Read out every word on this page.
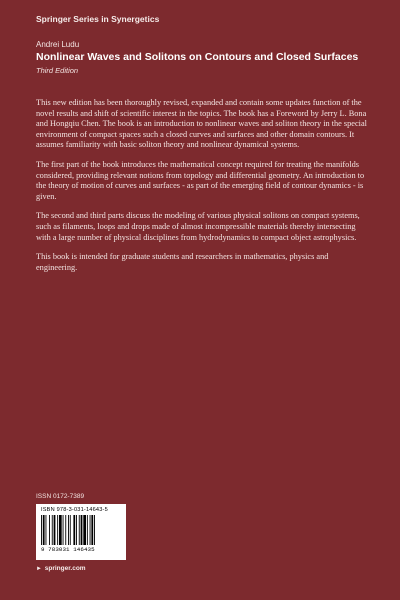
Springer Series in Synergetics
Andrei Ludu
Nonlinear Waves and Solitons on Contours and Closed Surfaces
Third Edition

This new edition has been thoroughly revised, expanded and contain some updates function of the novel results and shift of scientific interest in the topics. The book has a Foreword by Jerry L. Bona and Hongqiu Chen. The book is an introduction to nonlinear waves and soliton theory in the special environment of compact spaces such a closed curves and surfaces and other domain contours. It assumes familiarity with basic soliton theory and nonlinear dynamical systems.

The first part of the book introduces the mathematical concept required for treating the manifolds considered, providing relevant notions from topology and differential geometry. An introduction to the theory of motion of curves and surfaces - as part of the emerging field of contour dynamics - is given.

The second and third parts discuss the modeling of various physical solitons on compact systems, such as filaments, loops and drops made of almost incompressible materials thereby intersecting with a large number of physical disciplines from hydrodynamics to compact object astrophysics.

This book is intended for graduate students and researchers in mathematics, physics and engineering.

ISSN 0172-7389
ISBN 978-3-031-14643-5
9 783031 146435
► springer.com
